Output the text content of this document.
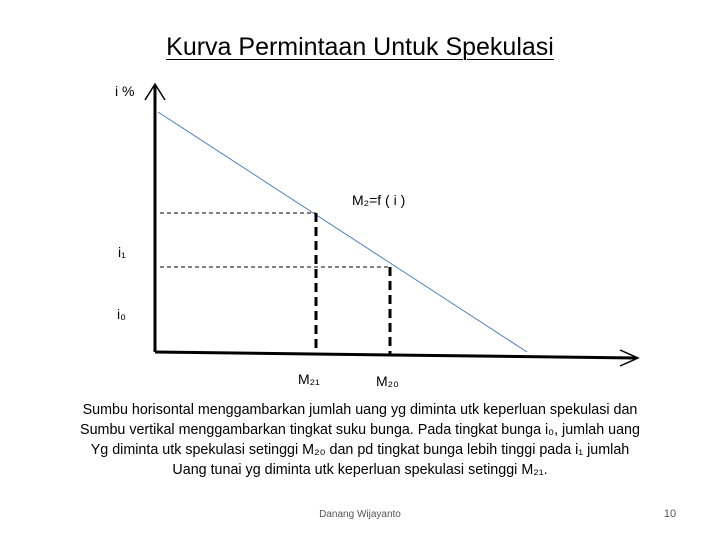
Kurva Permintaan Untuk Spekulasi
i %
M₂=f ( i )
i₁
i₀
M₂₁	M₂₀

Sumbu horisontal menggambarkan jumlah uang yg diminta utk keperluan spekulasi dan

Sumbu vertikal menggambarkan tingkat suku bunga. Pada tingkat bunga i₀, jumlah uang

Yg diminta utk spekulasi setinggi M₂₀ dan pd tingkat bunga lebih tinggi pada i₁ jumlah

Uang tunai yg diminta utk keperluan spekulasi setinggi M₂₁.

Danang Wijayanto	10
